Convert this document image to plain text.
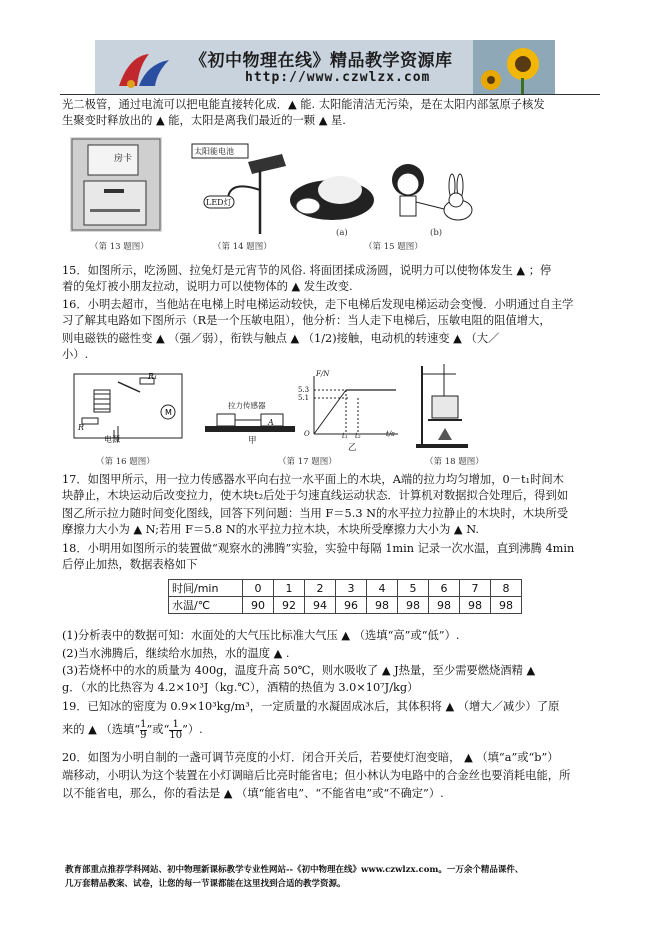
《初中物理在线》精品教学资源库
http://www.czwlzx.com
光二极管，通过电流可以把电能直接转化成．▲ 能. 太阳能清洁无污染，是在太阳内部氢原子核发
生聚变时释放出的 ▲ 能，太阳是离我们最近的一颗 ▲ 星.
房卡
太阳能电池
LED灯
(a)	(b)
（第 13 题图）	（第 14 题图）	（第 15 题图）
15．如图所示，吃汤圆、拉兔灯是元宵节的风俗. 将面团揉成汤圆，说明力可以使物体发生 ▲ ；停
着的兔灯被小朋友拉动，说明力可以使物体的 ▲ 发生改变.
16．小明去超市，当他站在电梯上时电梯运动较快，走下电梯后发现电梯运动会变慢．小明通过自主学
习了解其电路如下图所示（R是一个压敏电阻），他分析：当人走下电梯后，压敏电阻的阻值增大，
则电磁铁的磁性变 ▲ （强／弱），衔铁与触点 ▲ （1/2)接触，电动机的转速变 ▲ （大／
小）.
M
R₁
R
电源
拉力传感器
A
甲
F/N
5.3
5.1
O	t₁ t₂	t/s
乙
（第 16 题图）	（第 17 题图）	（第 18 题图）
17．如图甲所示，用一拉力传感器水平向右拉一水平面上的木块，A端的拉力均匀增加，0－t₁时间木
块静止，木块运动后改变拉力，使木块t₂后处于匀速直线运动状态．计算机对数据拟合处理后，得到如
图乙所示拉力随时间变化图线，回答下列问题：当用 F＝5.3 N的水平拉力拉静止的木块时，木块所受
摩擦力大小为 ▲ N;若用 F＝5.8 N的水平拉力拉木块，木块所受摩擦力大小为 ▲ N.
18．小明用如图所示的装置做“观察水的沸腾”实验，实验中每隔 1min 记录一次水温，直到沸腾 4min
后停止加热，数据表格如下
时间/min	0	1	2	3	4	5	6	7	8
水温/℃	90	92	94	96	98	98	98	98	98
(1)分析表中的数据可知：水面处的大气压比标准大气压 ▲ （选填“高”或“低”）.
(2)当水沸腾后，继续给水加热，水的温度 ▲ .
(3)若烧杯中的水的质量为 400g，温度升高 50℃，则水吸收了 ▲ J热量，至少需要燃烧酒精 ▲
g．（水的比热容为 4.2×10³J（kg.℃），酒精的热值为 3.0×10⁷J/kg）
19．已知冰的密度为 0.9×10³kg/m³，一定质量的水凝固成冰后，其体积将 ▲ （增大／减少）了原
来的 ▲ （选填“ $\frac{1}{9}$ ”或“ $\frac{1}{10}$ ”）.
20．如图为小明自制的一盏可调节亮度的小灯．闭合开关后，若要使灯泡变暗， ▲ （填“a”或“b”）
端移动，小明认为这个装置在小灯调暗后比亮时能省电；但小林认为电路中的合金丝也要消耗电能，所
以不能省电，那么，你的看法是 ▲ （填“能省电”、“不能省电”或“不确定”）.
教育部重点推荐学科网站、初中物理新课标教学专业性网站--《初中物理在线》www.czwlzx.com。一万余个精品课件、
几万套精品教案、试卷，让您的每一节课都能在这里找到合适的教学资源。
